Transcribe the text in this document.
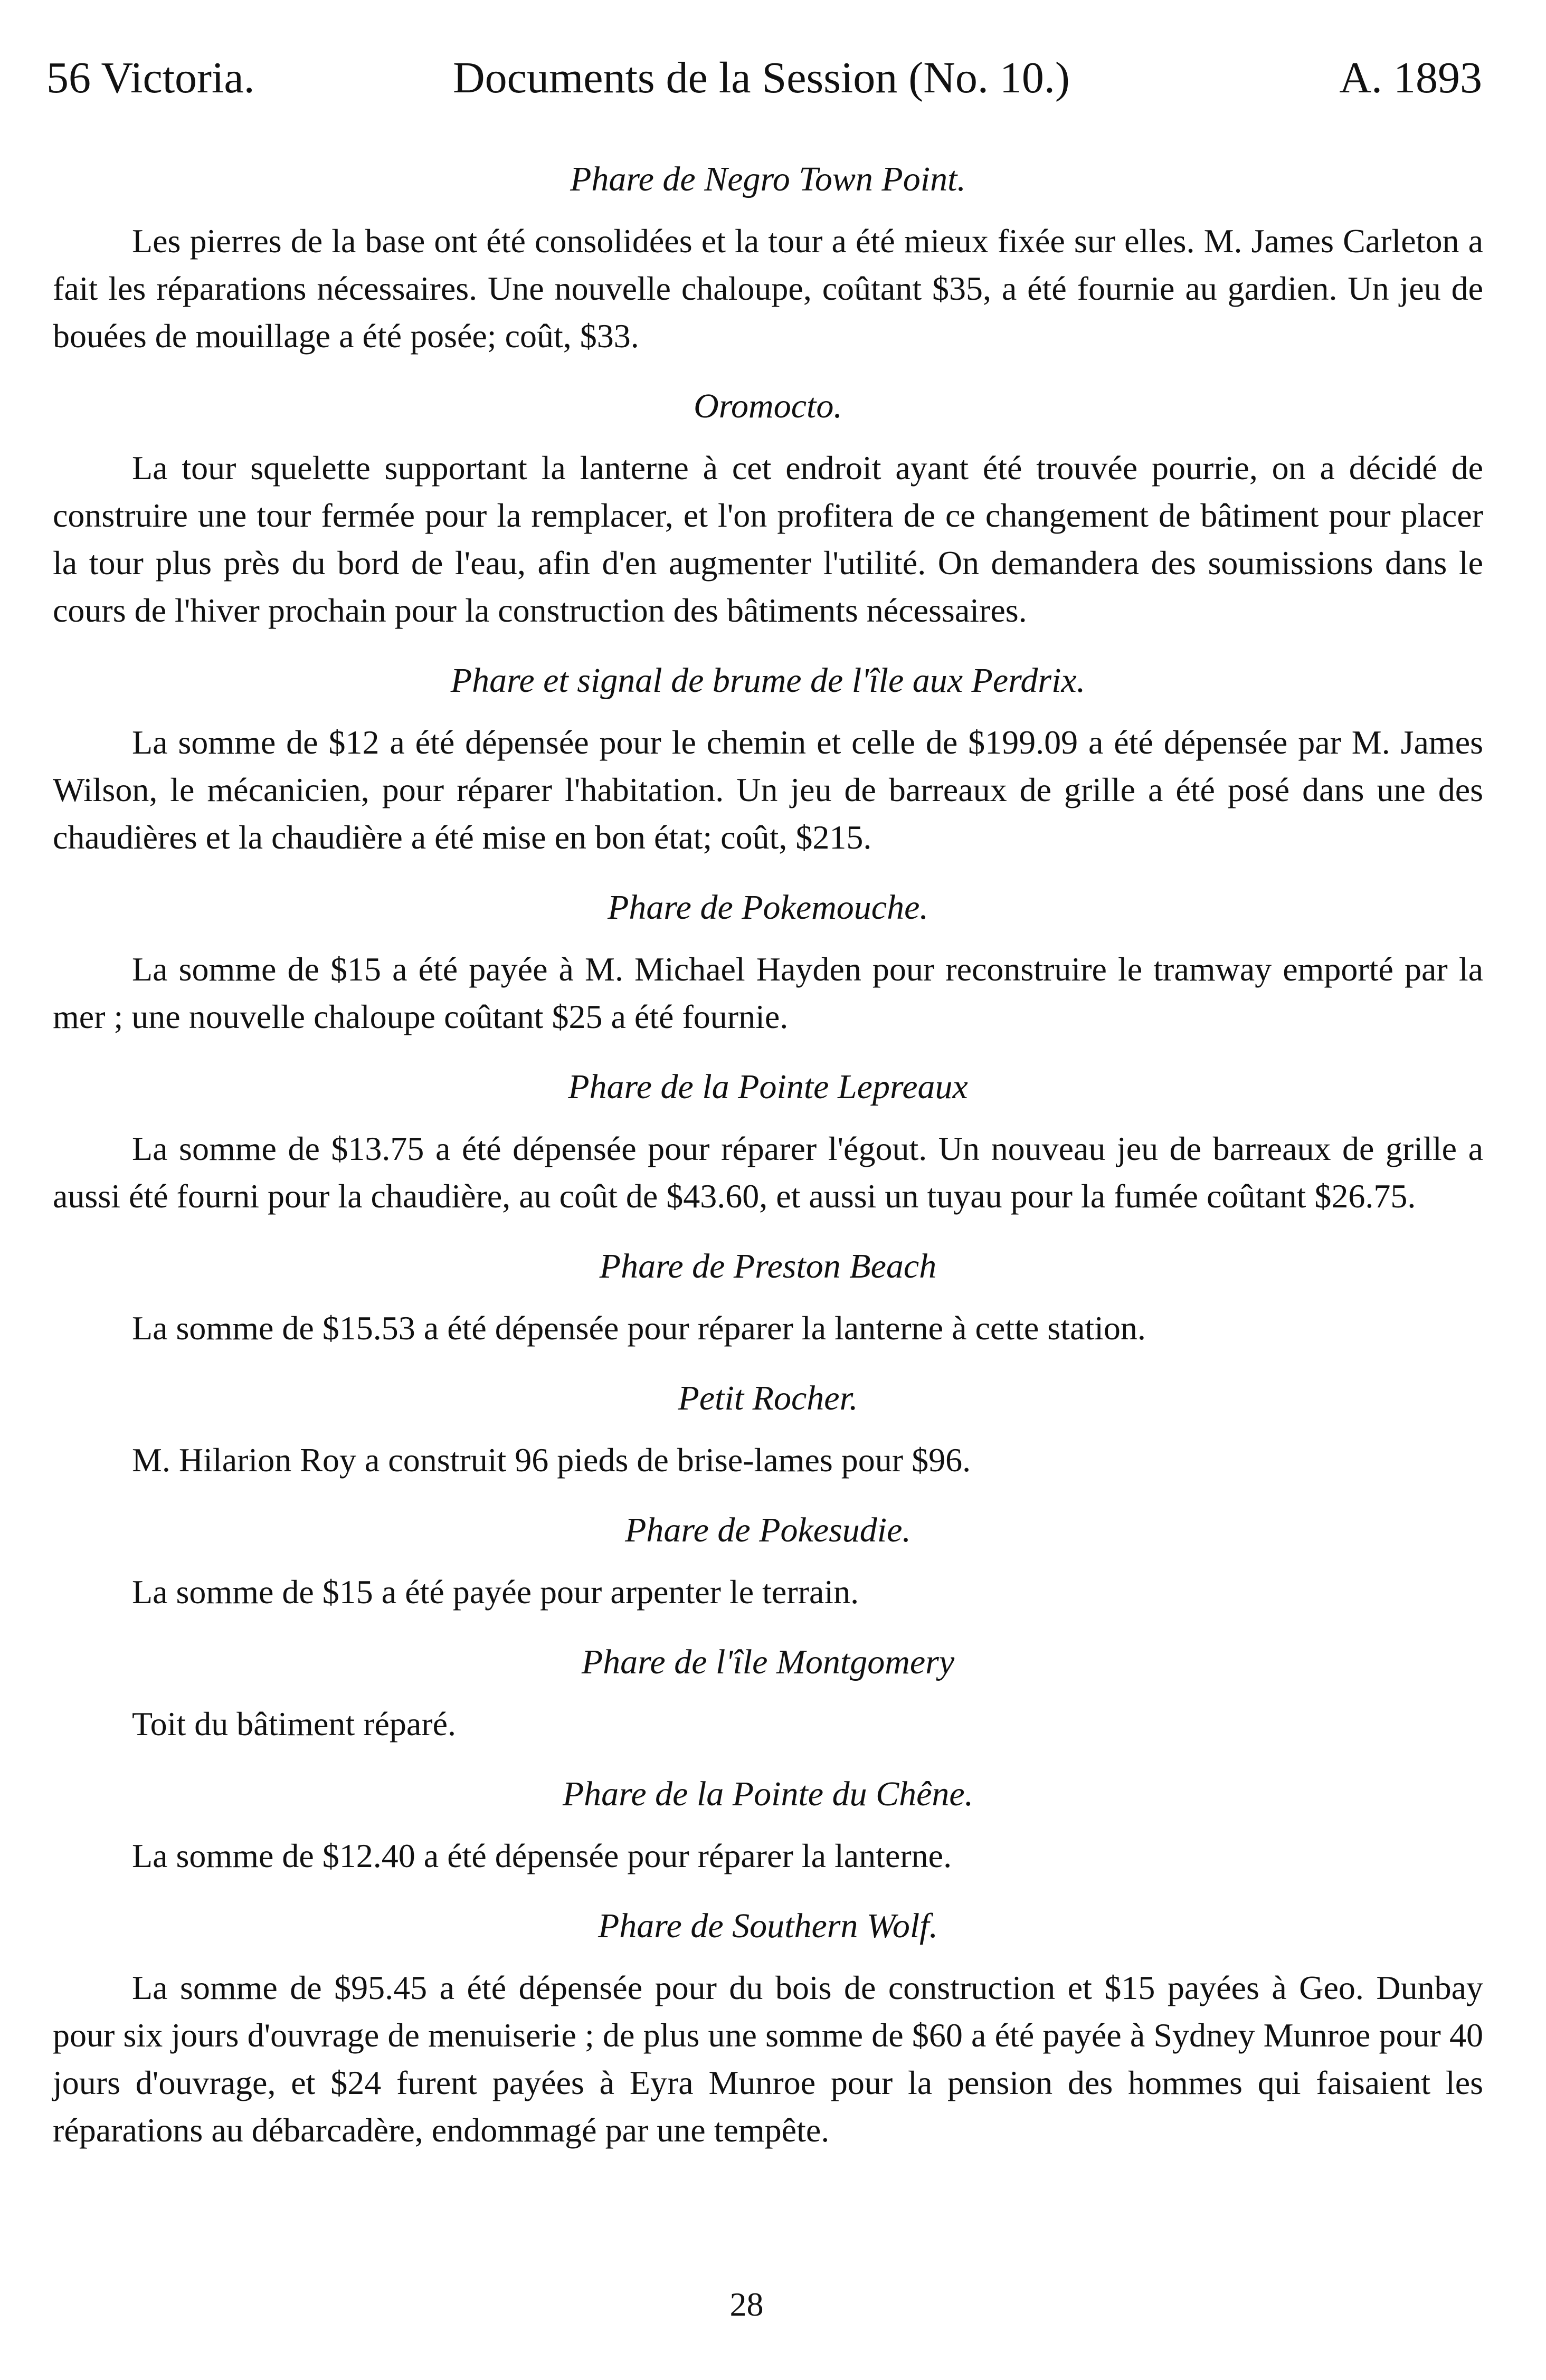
56 Victoria.	Documents de la Session (No. 10.)	A. 1893

Phare de Negro Town Point.

Les pierres de la base ont été consolidées et la tour a été mieux fixée sur elles. M. James Carleton a fait les réparations nécessaires. Une nouvelle chaloupe, coûtant $35, a été fournie au gardien. Un jeu de bouées de mouillage a été posée; coût, $33.

Oromocto.

La tour squelette supportant la lanterne à cet endroit ayant été trouvée pourrie, on a décidé de construire une tour fermée pour la remplacer, et l'on profitera de ce changement de bâtiment pour placer la tour plus près du bord de l'eau, afin d'en augmenter l'utilité. On demandera des soumissions dans le cours de l'hiver prochain pour la construction des bâtiments nécessaires.

Phare et signal de brume de l'île aux Perdrix.

La somme de $12 a été dépensée pour le chemin et celle de $199.09 a été dépensée par M. James Wilson, le mécanicien, pour réparer l'habitation. Un jeu de barreaux de grille a été posé dans une des chaudières et la chaudière a été mise en bon état; coût, $215.

Phare de Pokemouche.

La somme de $15 a été payée à M. Michael Hayden pour reconstruire le tramway emporté par la mer ; une nouvelle chaloupe coûtant $25 a été fournie.

Phare de la Pointe Lepreaux

La somme de $13.75 a été dépensée pour réparer l'égout. Un nouveau jeu de barreaux de grille a aussi été fourni pour la chaudière, au coût de $43.60, et aussi un tuyau pour la fumée coûtant $26.75.

Phare de Preston Beach

La somme de $15.53 a été dépensée pour réparer la lanterne à cette station.

Petit Rocher.

M. Hilarion Roy a construit 96 pieds de brise-lames pour $96.

Phare de Pokesudie.

La somme de $15 a été payée pour arpenter le terrain.

Phare de l'île Montgomery

Toit du bâtiment réparé.

Phare de la Pointe du Chêne.

La somme de $12.40 a été dépensée pour réparer la lanterne.

Phare de Southern Wolf.

La somme de $95.45 a été dépensée pour du bois de construction et $15 payées à Geo. Dunbay pour six jours d'ouvrage de menuiserie ; de plus une somme de $60 a été payée à Sydney Munroe pour 40 jours d'ouvrage, et $24 furent payées à Eyra Munroe pour la pension des hommes qui faisaient les réparations au débarcadère, endommagé par une tempête.

28
